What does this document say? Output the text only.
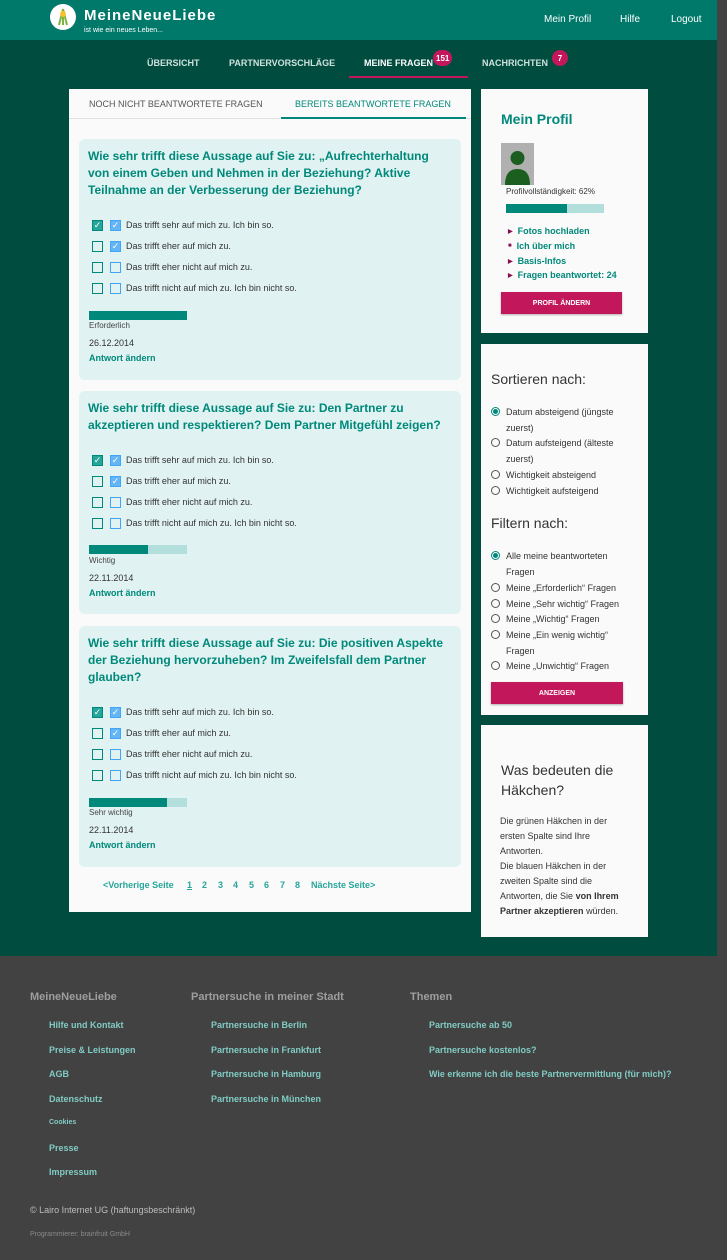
MeineNeueLiebe
ist wie ein neues Leben...
Mein Profil	Hilfe	Logout
ÜBERSICHT	PARTNERVORSCHLÄGE	MEINE FRAGEN 151	NACHRICHTEN	7
NOCH NICHT BEANTWORTETE FRAGEN	BEREITS BEANTWORTETE FRAGEN
Wie sehr trifft diese Aussage auf Sie zu: „Aufrechterhaltung von einem Geben und Nehmen in der Beziehung? Aktive Teilnahme an der Verbesserung der Beziehung?
✓ ✓ Das trifft sehr auf mich zu. Ich bin so.
✓ Das trifft eher auf mich zu.
Das trifft eher nicht auf mich zu.
Das trifft nicht auf mich zu. Ich bin nicht so.
Erforderlich
26.12.2014
Antwort ändern
Wie sehr trifft diese Aussage auf Sie zu: Den Partner zu akzeptieren und respektieren? Dem Partner Mitgefühl zeigen?
✓ ✓ Das trifft sehr auf mich zu. Ich bin so.
✓ Das trifft eher auf mich zu.
Das trifft eher nicht auf mich zu.
Das trifft nicht auf mich zu. Ich bin nicht so.
Wichtig
22.11.2014
Antwort ändern
Wie sehr trifft diese Aussage auf Sie zu: Die positiven Aspekte der Beziehung hervorzuheben? Im Zweifelsfall dem Partner glauben?
✓ ✓ Das trifft sehr auf mich zu. Ich bin so.
✓ Das trifft eher auf mich zu.
Das trifft eher nicht auf mich zu.
Das trifft nicht auf mich zu. Ich bin nicht so.
Sehr wichtig
22.11.2014
Antwort ändern
<Vorherige Seite 1 2 3 4 5 6 7 8 Nächste Seite>
Mein Profil
Profilvollständigkeit: 62%
▶ Fotos hochladen
■ Ich über mich
▶ Basis-Infos
▶ Fragen beantwortet: 24
PROFIL ÄNDERN
Sortieren nach:
Datum absteigend (jüngste zuerst)
Datum aufsteigend (älteste zuerst)
Wichtigkeit absteigend
Wichtigkeit aufsteigend
Filtern nach:
Alle meine beantworteten Fragen
Meine „Erforderlich“ Fragen
Meine „Sehr wichtig“ Fragen
Meine „Wichtig“ Fragen
Meine „Ein wenig wichtig“ Fragen
Meine „Unwichtig“ Fragen
ANZEIGEN
Was bedeuten die Häkchen?
Die grünen Häkchen in der ersten Spalte sind Ihre Antworten.
Die blauen Häkchen in der zweiten Spalte sind die Antworten, die Sie von Ihrem Partner akzeptieren würden.
MeineNeueLiebe
Hilfe und Kontakt
Preise & Leistungen
AGB
Datenschutz
Cookies
Presse
Impressum
Partnersuche in meiner Stadt
Partnersuche in Berlin
Partnersuche in Frankfurt
Partnersuche in Hamburg
Partnersuche in München
Themen
Partnersuche ab 50
Partnersuche kostenlos?
Wie erkenne ich die beste Partnervermittlung (für mich)?
© Lairo Internet UG (haftungsbeschränkt)
Programmierer: brainfruit GmbH
